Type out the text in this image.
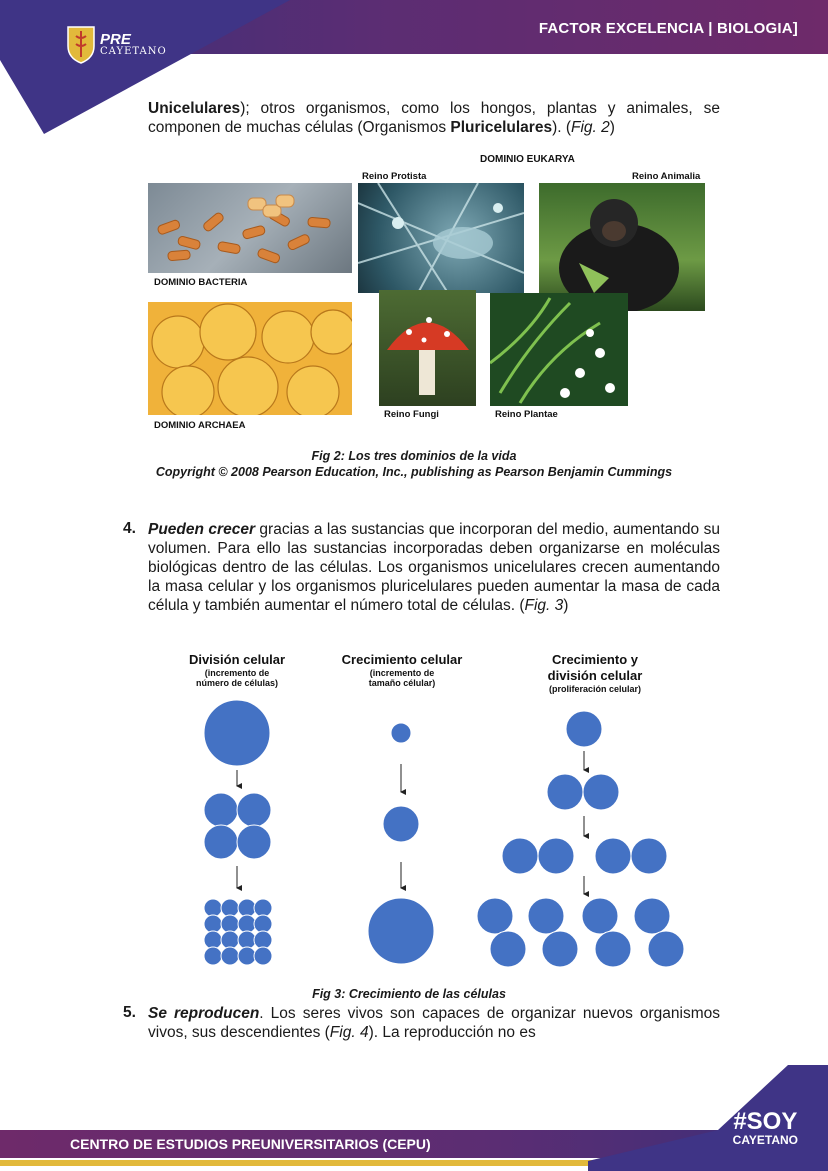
PRE
CAYETANO
FACTOR EXCELENCIA | BIOLOGIA]
Unicelulares); otros organismos, como los hongos, plantas y animales, se componen de muchas células (Organismos Pluricelulares). (Fig. 2)
DOMINIO EUKARYA
Reino Protista	Reino Animalia
DOMINIO BACTERIA
DOMINIO ARCHAEA
Reino Fungi	Reino Plantae
Fig 2: Los tres dominios de la vida
Copyright © 2008 Pearson Education, Inc., publishing as Pearson Benjamin Cummings
4. Pueden crecer gracias a las sustancias que incorporan del medio, aumentando su volumen. Para ello las sustancias incorporadas deben organizarse en moléculas biológicas dentro de las células. Los organismos unicelulares crecen aumentando la masa celular y los organismos pluricelulares pueden aumentar la masa de cada célula y también aumentar el número total de células. (Fig. 3)
División celular
(incremento de
número de células)
Crecimiento celular
(incremento de
tamaño célular)
Crecimiento y
división celular
(proliferación celular)
Fig 3: Crecimiento de las células
5. Se reproducen. Los seres vivos son capaces de organizar nuevos organismos vivos, sus descendientes (Fig. 4). La reproducción no es
CENTRO DE ESTUDIOS PREUNIVERSITARIOS (CEPU)
#SOY
CAYETANO
